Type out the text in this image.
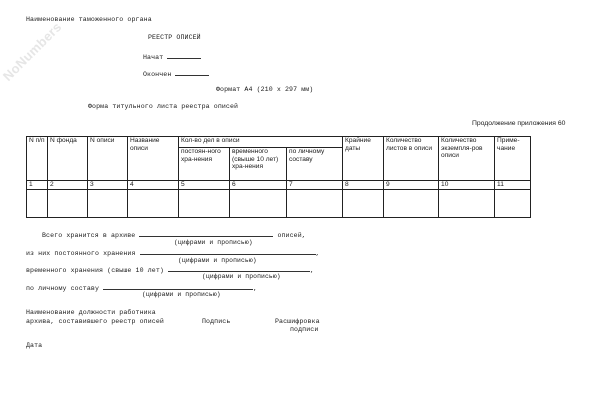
NoNumbers
Наименование таможенного органа
РЕЕСТР ОПИСЕЙ
Начат
Окончен
Формат А4 (210 х 297 мм)
Форма титульного листа реестра описей
Продолжение приложения 60
N п/п	N фонда	N описи	Название описи	Кол-во дел в описи			Крайние даты	Количество листов в описи	Количество экземпля-ров описи	Приме-чание
				постоян-ного хра-нения	временного (свыше 10 лет) хра-нения	по личному составу				
1	2	3	4	5	6	7	8	9	10	11

Всего хранится в архиве	описей,
(цифрами и прописью)
из них постоянного хранения	,
(цифрами и прописью)
временного хранения (свыше 10 лет)	,
(цифрами и прописью)
по личному составу	,
(цифрами и прописью)
Наименование должности работника
архива, составившего реестр описей	Подпись	Расшифровка
подписи
Дата
